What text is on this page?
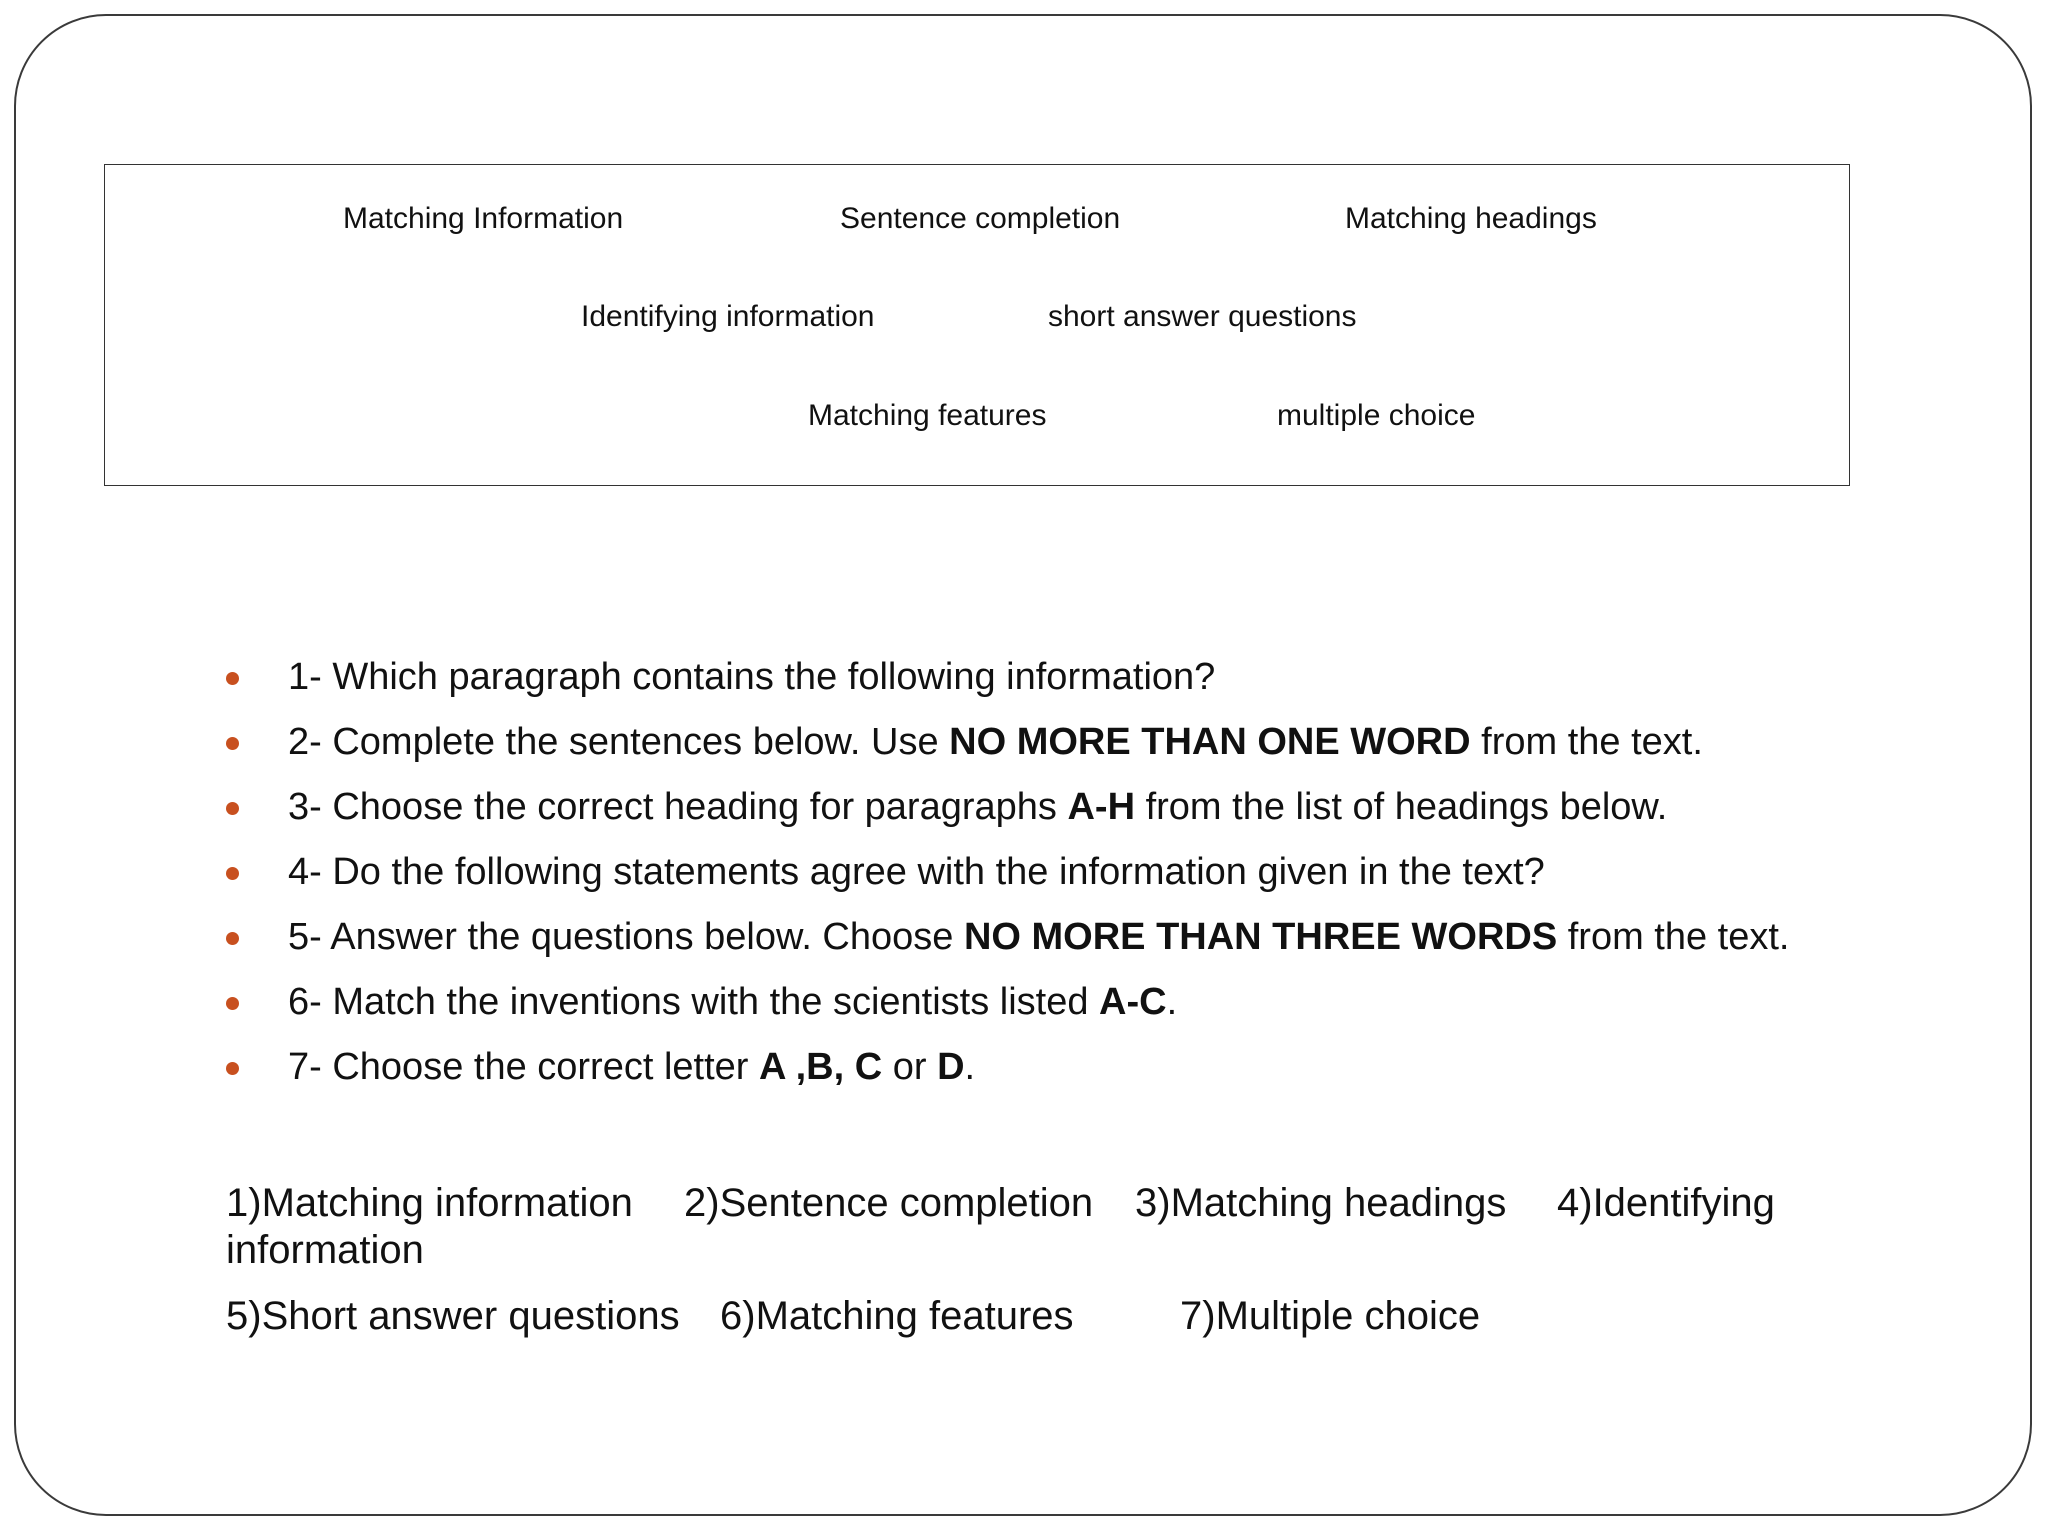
Matching Information	Sentence completion	Matching headings
Identifying information	short answer questions
Matching features	multiple choice
1- Which paragraph contains the following information?
2- Complete the sentences below. Use NO MORE THAN ONE WORD from the text.
3- Choose the correct heading for paragraphs A-H from the list of headings below.
4- Do the following statements agree with the information given in the text?
5- Answer the questions below. Choose NO MORE THAN THREE WORDS from the text.
6- Match the inventions with the scientists listed A-C.
7- Choose the correct letter A ,B, C or D.
1)Matching information 2)Sentence completion 3)Matching headings 4)Identifying
information
5)Short answer questions 6)Matching features	7)Multiple choice
